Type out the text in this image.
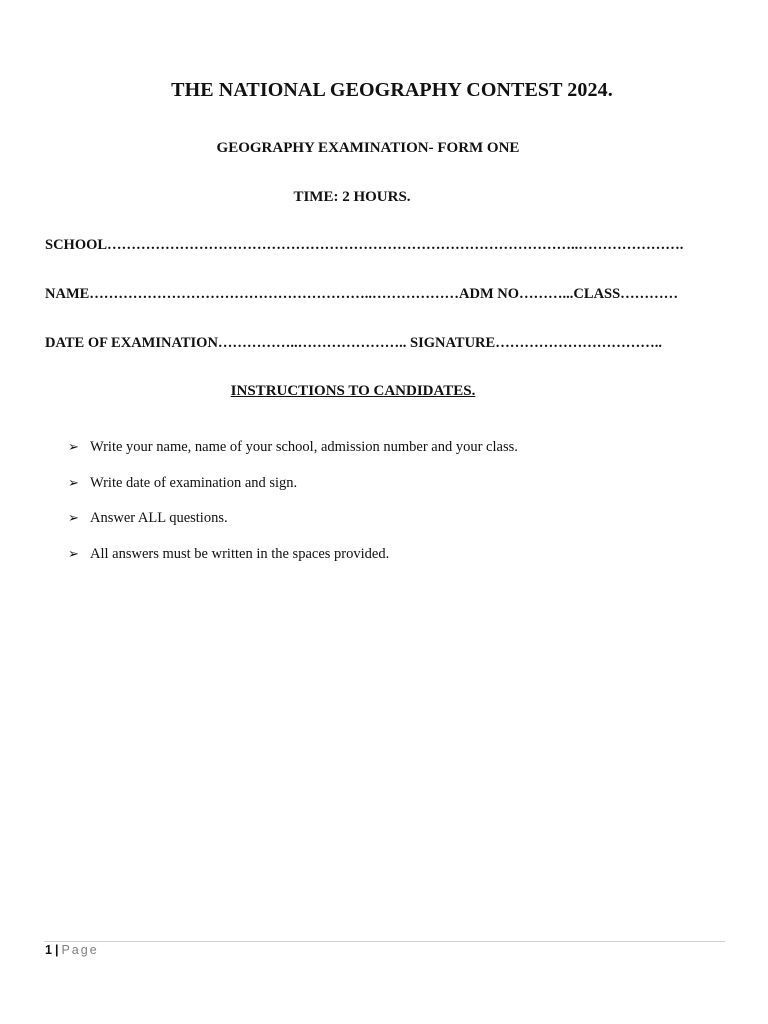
THE NATIONAL GEOGRAPHY CONTEST 2024.
GEOGRAPHY EXAMINATION- FORM ONE
TIME: 2 HOURS.
SCHOOL……………………………………………………………………………………..………………….
NAME…………………………………………………..………………ADM NO………...CLASS…………
DATE OF EXAMINATION……………..………………….. SIGNATURE……………………………..
INSTRUCTIONS TO CANDIDATES.
➢ Write your name, name of your school, admission number and your class.
➢ Write date of examination and sign.
➢ Answer ALL questions.
➢ All answers must be written in the spaces provided.
1 | Page
